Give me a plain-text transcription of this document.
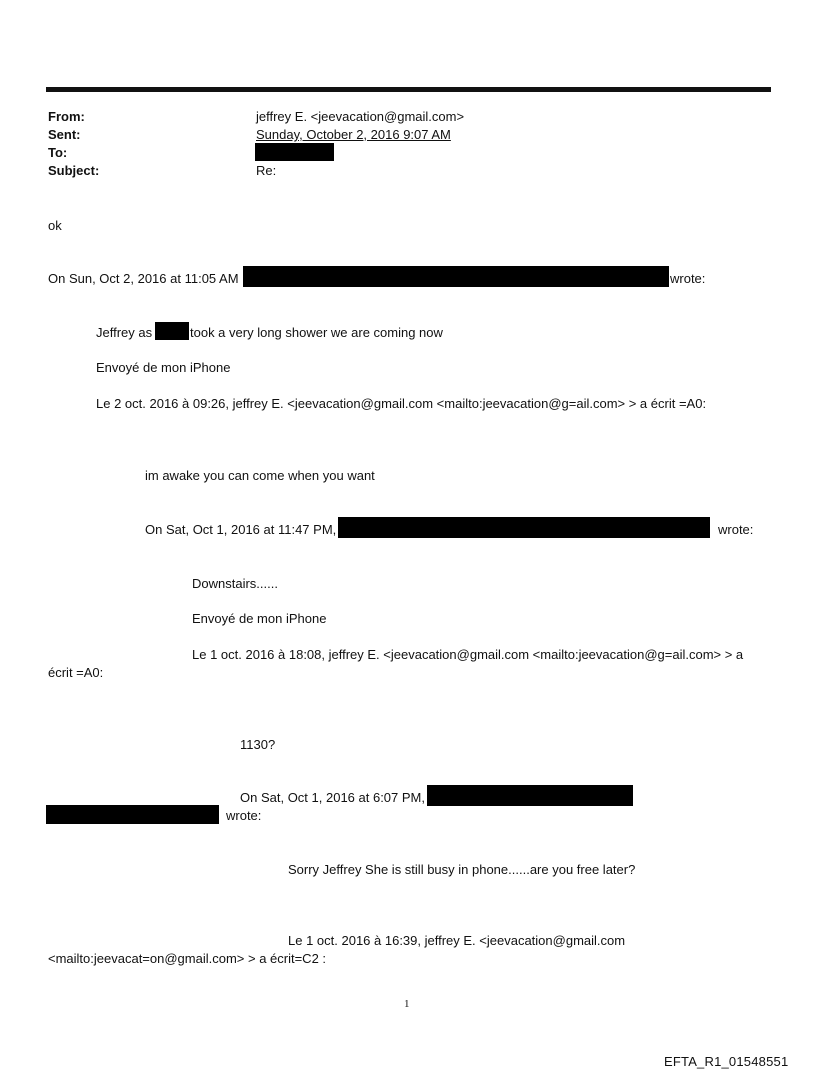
From:	jeffrey E. <jeevacation@gmail.com>
Sent:	Sunday, October 2, 2016 9:07 AM
To:
Subject:	Re:
ok
On Sun, Oct 2, 2016 at 11:05 AM	wrote:
Jeffrey as	took a very long shower we are coming now
Envoyé de mon iPhone
Le 2 oct. 2016 à 09:26, jeffrey E. <jeevacation@gmail.com <mailto:jeevacation@g=ail.com> > a écrit =A0:
im awake you can come when you want
On Sat, Oct 1, 2016 at 11:47 PM,	wrote:
Downstairs......
Envoyé de mon iPhone
Le 1 oct. 2016 à 18:08, jeffrey E. <jeevacation@gmail.com <mailto:jeevacation@g=ail.com> > a
écrit =A0:
1130?
On Sat, Oct 1, 2016 at 6:07 PM,
wrote:
Sorry Jeffrey She is still busy in phone......are you free later?
Le 1 oct. 2016 à 16:39, jeffrey E. <jeevacation@gmail.com
<mailto:jeevacat=on@gmail.com> > a écrit=C2 :
1
EFTA_R1_01548551
